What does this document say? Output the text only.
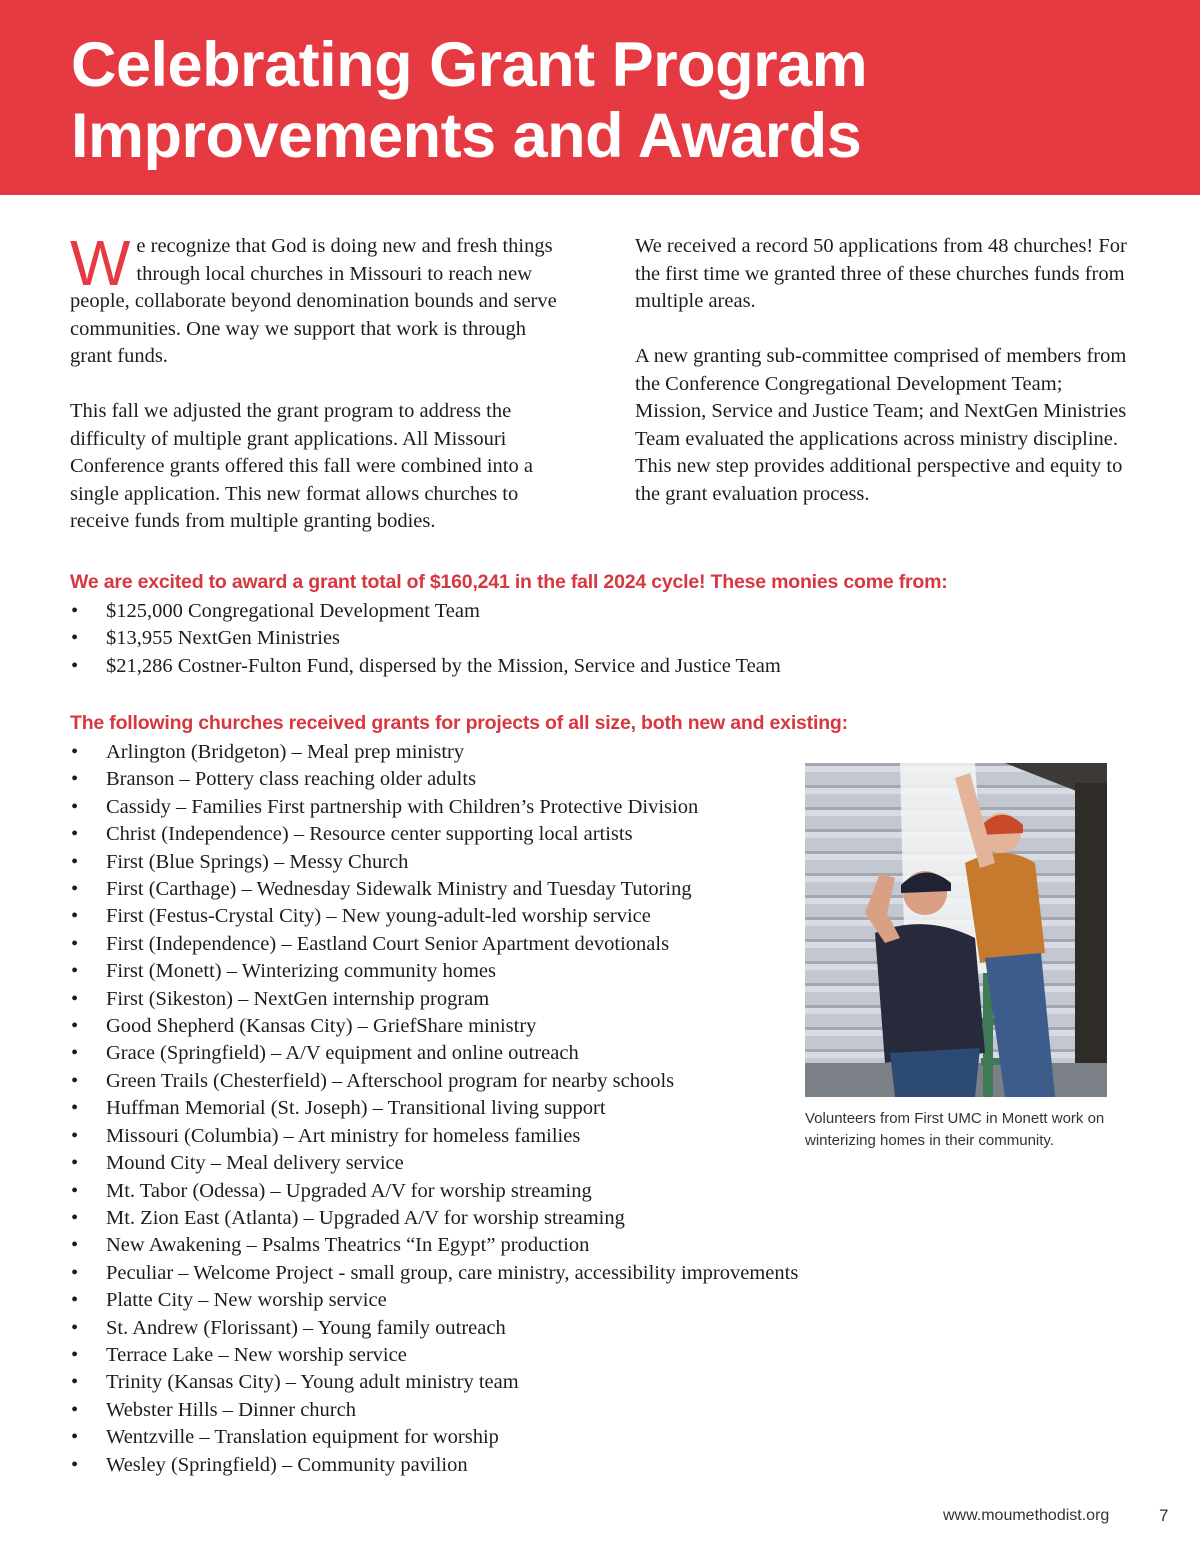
Celebrating Grant Program
Improvements and Awards

We recognize that God is doing new and fresh things through local churches in Missouri to reach new people, collaborate beyond denomination bounds and serve communities. One way we support that work is through grant funds.

This fall we adjusted the grant program to address the difficulty of multiple grant applications. All Missouri Conference grants offered this fall were combined into a single application. This new format allows churches to receive funds from multiple granting bodies.

We received a record 50 applications from 48 churches! For the first time we granted three of these churches funds from multiple areas.

A new granting sub-committee comprised of members from the Conference Congregational Development Team; Mission, Service and Justice Team; and NextGen Ministries Team evaluated the applications across ministry discipline. This new step provides additional perspective and equity to the grant evaluation process.

We are excited to award a grant total of $160,241 in the fall 2024 cycle! These monies come from:
• $125,000 Congregational Development Team
• $13,955 NextGen Ministries
• $21,286 Costner-Fulton Fund, dispersed by the Mission, Service and Justice Team
The following churches received grants for projects of all size, both new and existing:
• Arlington (Bridgeton) – Meal prep ministry
• Branson – Pottery class reaching older adults
• Cassidy – Families First partnership with Children’s Protective Division
• Christ (Independence) – Resource center supporting local artists
• First (Blue Springs) – Messy Church
• First (Carthage) – Wednesday Sidewalk Ministry and Tuesday Tutoring
• First (Festus-Crystal City) – New young-adult-led worship service
• First (Independence) – Eastland Court Senior Apartment devotionals
• First (Monett) – Winterizing community homes
• First (Sikeston) – NextGen internship program
• Good Shepherd (Kansas City) – GriefShare ministry
• Grace (Springfield) – A/V equipment and online outreach
• Green Trails (Chesterfield) – Afterschool program for nearby schools
• Huffman Memorial (St. Joseph) – Transitional living support
• Missouri (Columbia) – Art ministry for homeless families
• Mound City – Meal delivery service
• Mt. Tabor (Odessa) – Upgraded A/V for worship streaming
• Mt. Zion East (Atlanta) – Upgraded A/V for worship streaming
• New Awakening – Psalms Theatrics “In Egypt” production
• Peculiar – Welcome Project - small group, care ministry, accessibility improvements
• Platte City – New worship service
• St. Andrew (Florissant) – Young family outreach
• Terrace Lake – New worship service
• Trinity (Kansas City) – Young adult ministry team
• Webster Hills – Dinner church
• Wentzville – Translation equipment for worship
• Wesley (Springfield) – Community pavilion

Volunteers from First UMC in Monett work on winterizing homes in their community.

www.moumethodist.org	7
